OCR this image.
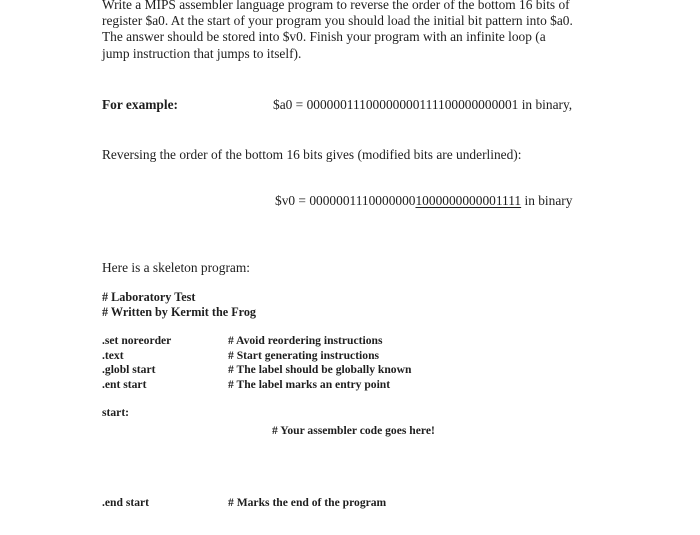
Write a MIPS assembler language program to reverse the order of the bottom 16 bits of
register $a0. At the start of your program you should load the initial bit pattern into $a0.
The answer should be stored into $v0. Finish your program with an infinite loop (a
jump instruction that jumps to itself).
For example:	$a0 = 00000011100000000111100000000001 in binary,
Reversing the order of the bottom 16 bits gives (modified bits are underlined):
$v0 = 00000011100000001000000000001111 in binary
Here is a skeleton program:
# Laboratory Test
# Written by Kermit the Frog
.set noreorder
.text
.globl start
.ent start
# Avoid reordering instructions
# Start generating instructions
# The label should be globally known
# The label marks an entry point
start:
# Your assembler code goes here!
.end start	# Marks the end of the program
